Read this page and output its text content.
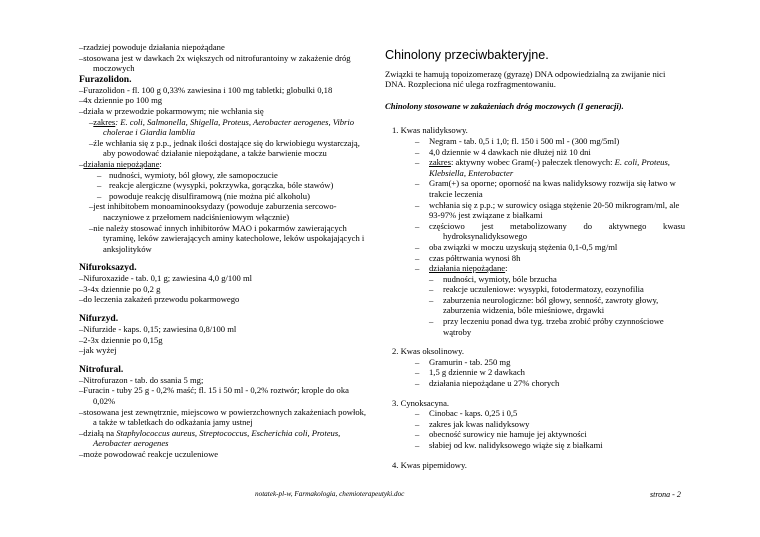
–rzadziej powoduje działania niepożądane
–stosowana jest w dawkach 2x większych od nitrofurantoiny w zakażenie dróg moczowych
Furazolidon.
–Furazolidon - fl. 100 g 0,33% zawiesina i 100 mg tabletki; globulki 0,18
–4x dziennie po 100 mg
–działa w przewodzie pokarmowym; nie wchłania się
–zakres: E. coli, Salmonella, Shigella, Proteus, Aerobacter aerogenes, Vibrio cholerae i Giardia lamblia
–źle wchłania się z p.p., jednak ilości dostające się do krwiobiegu wystarczają, aby powodować działanie niepożądane, a także barwienie moczu
–działania niepożądane:
– nudności, wymioty, ból głowy, złe samopoczucie
– reakcje alergiczne (wysypki, pokrzywka, gorączka, bóle stawów)
– powoduje reakcję disulfiramową (nie można pić alkoholu)
–jest inhibitobem monoaminooksydazy (powoduje zaburzenia sercowo-naczyniowe z przełomem nadciśnieniowym włącznie)
–nie należy stosować innych inhibitorów MAO i pokarmów zawierających tyraminę, leków zawierających aminy katecholowe, leków uspokajających i anksjolityków
Nifuroksazyd.
–Nifuroxazide - tab. 0,1 g; zawiesina 4,0 g/100 ml
–3-4x dziennie po 0,2 g
–do leczenia zakażeń przewodu pokarmowego
Nifurzyd.
–Nifurzide - kaps. 0,15; zawiesina 0,8/100 ml
–2-3x dziennie po 0,15g
–jak wyżej
Nitrofural.
–Nitrofurazon - tab. do ssania 5 mg;
–Furacin - tuby 25 g - 0,2% maść; fl. 15 i 50 ml - 0,2% roztwór; krople do oka 0,02%
–stosowana jest zewnętrznie, miejscowo w powierzchownych zakażeniach powłok, a także w tabletkach do odkażania jamy ustnej
–działą na Staphylococcus aureus, Streptococcus, Escherichia coli, Proteus, Aerobacter aerogenes
–może powodować reakcje uczuleniowe
Chinolony przeciwbakteryjne.
Związki te hamują topoizomerazę (gyrazę) DNA odpowiedzialną za zwijanie nici DNA. Rozpleciona nić ulega rozfragmentowaniu.
Chinolony stosowane w zakażeniach dróg moczowych (I generacji).
1. Kwas nalidyksowy.
–	Negram - tab. 0,5 i 1,0; fl. 150 i 500 ml - (300 mg/5ml)
–	4,0 dziennie w 4 dawkach nie dłużej niż 10 dni
–	zakres: aktywny wobec Gram(-) pałeczek tlenowych: E. coli, Proteus, Klebsiella, Enterobacter
–	Gram(+) sa oporne; oporność na kwas nalidyksowy rozwija się łatwo w trakcie leczenia
–	wchłania się z p.p.; w surowicy osiąga stężenie 20-50 mikrogram/ml, ale 93-97% jest związane z białkami
–	częściowo jest metabolizowany do aktywnego kwasu
hydroksynalidyksowego
–	oba związki w moczu uzyskują stężenia 0,1-0,5 mg/ml
–	czas półtrwania wynosi 8h
–	działania niepożądane:
–	nudności, wymioty, bóle brzucha
–	reakcje uczuleniowe: wysypki, fotodermatozy, eozynofilia
–	zaburzenia neurologiczne: ból głowy, senność, zawroty głowy, zaburzenia widzenia, bóle mieśniowe, drgawki
–	przy leczeniu ponad dwa tyg. trzeba zrobić próby czynnościowe wątroby
2. Kwas oksolinowy.
–	Gramurin - tab. 250 mg
–	1,5 g dziennie w 2 dawkach
–	działania niepożądane u 27% chorych
3. Cynoksacyna.
–	Cinobac - kaps. 0,25 i 0,5
–	zakres jak kwas nalidyksowy
–	obecność surowicy nie hamuje jej aktywności
–	słabiej od kw. nalidyksowego wiąże się z białkami
4. Kwas pipemidowy.
notatek-pl-w, Farmakologia, chemioterapeutyki.doc	strona - 2
